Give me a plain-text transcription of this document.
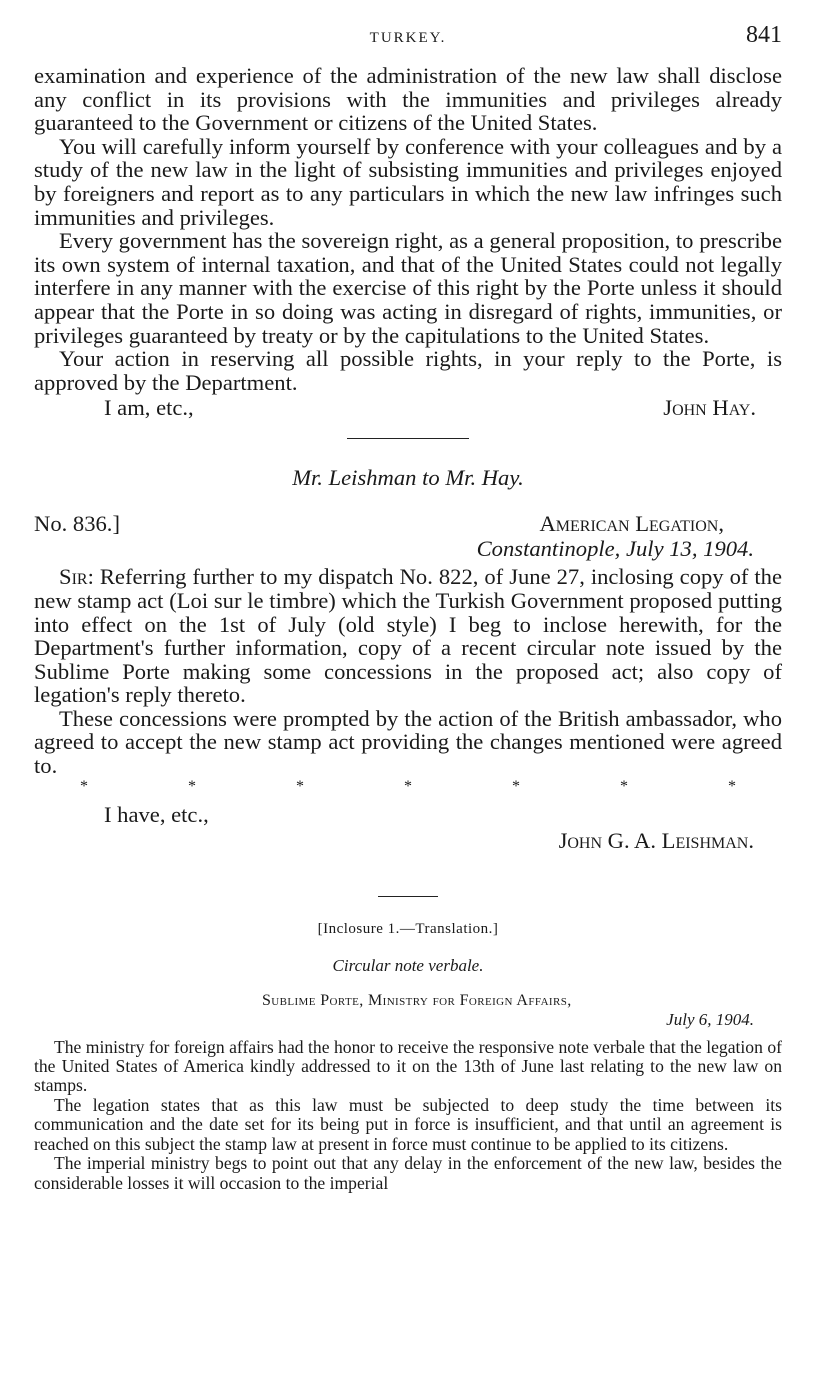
TURKEY.	841

examination and experience of the administration of the new law shall disclose any conflict in its provisions with the immunities and privileges already guaranteed to the Government or citizens of the United States.

You will carefully inform yourself by conference with your colleagues and by a study of the new law in the light of subsisting immunities and privileges enjoyed by foreigners and report as to any particulars in which the new law infringes such immunities and privileges.

Every government has the sovereign right, as a general proposition, to prescribe its own system of internal taxation, and that of the United States could not legally interfere in any manner with the exercise of this right by the Porte unless it should appear that the Porte in so doing was acting in disregard of rights, immunities, or privileges guaranteed by treaty or by the capitulations to the United States.

Your action in reserving all possible rights, in your reply to the Porte, is approved by the Department.

I am, etc.,	John Hay.
Mr. Leishman to Mr. Hay.
No. 836.]	American Legation,
Constantinople, July 13, 1904.

Sir: Referring further to my dispatch No. 822, of June 27, inclosing copy of the new stamp act (Loi sur le timbre) which the Turkish Government proposed putting into effect on the 1st of July (old style) I beg to inclose herewith, for the Department's further information, copy of a recent circular note issued by the Sublime Porte making some concessions in the proposed act; also copy of legation's reply thereto.

These concessions were prompted by the action of the British ambassador, who agreed to accept the new stamp act providing the changes mentioned were agreed to.

*	*	*	*	*	*	*
I have, etc.,
John G. A. Leishman.
[Inclosure 1.—Translation.]
Circular note verbale.
Sublime Porte, Ministry for Foreign Affairs,
July 6, 1904.

The ministry for foreign affairs had the honor to receive the responsive note verbale that the legation of the United States of America kindly addressed to it on the 13th of June last relating to the new law on stamps.

The legation states that as this law must be subjected to deep study the time between its communication and the date set for its being put in force is insufficient, and that until an agreement is reached on this subject the stamp law at present in force must continue to be applied to its citizens.

The imperial ministry begs to point out that any delay in the enforcement of the new law, besides the considerable losses it will occasion to the imperial
